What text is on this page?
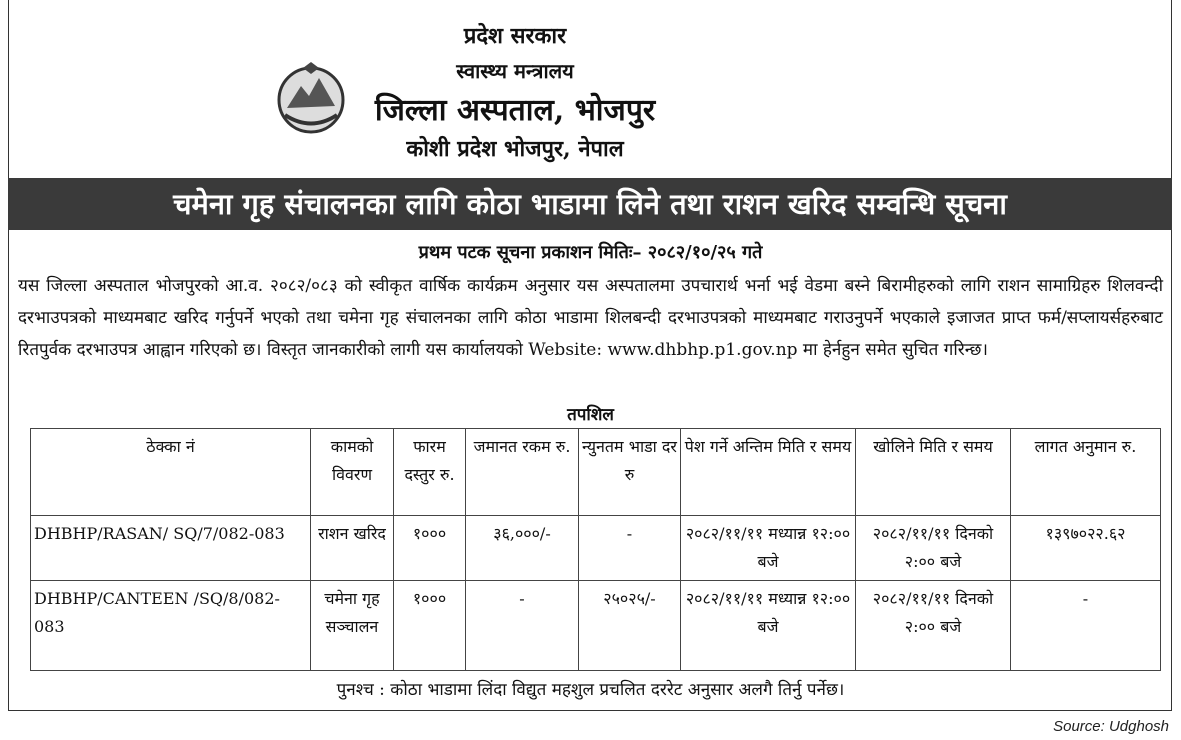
प्रदेश सरकार
स्वास्थ्य मन्त्रालय
जिल्ला अस्पताल, भोजपुर
कोशी प्रदेश भोजपुर, नेपाल
चमेना गृह संचालनका लागि कोठा भाडामा लिने तथा राशन खरिद सम्वन्धि सूचना
प्रथम पटक सूचना प्रकाशन मितिः– २०८२/१०/२५ गते
यस जिल्ला अस्पताल भोजपुरको आ.व. २०८२/०८३ को स्वीकृत वार्षिक कार्यक्रम अनुसार यस अस्पतालमा उपचारार्थ भर्ना भई वेडमा बस्ने बिरामीहरुको लागि राशन सामाग्रिहरु शिलवन्दी दरभाउपत्रको माध्यमबाट खरिद गर्नुपर्ने भएको तथा चमेना गृह संचालनका लागि कोठा भाडामा शिलबन्दी दरभाउपत्रको माध्यमबाट गराउनुपर्ने भएकाले इजाजत प्राप्त फर्म/सप्लायर्सहरुबाट रितपुर्वक दरभाउपत्र आह्वान गरिएको छ। विस्तृत जानकारीको लागी यस कार्यालयको Website: www.dhbhp.p1.gov.np मा हेर्नहुन समेत सुचित गरिन्छ।
तपशिल
ठेक्का नं	कामको विवरण	फारम दस्तुर रु.	जमानत रकम रु.	न्युनतम भाडा दर रु	पेश गर्ने अन्तिम मिति र समय	खोलिने मिति र समय	लागत अनुमान रु.
DHBHP/RASAN/ SQ/7/082-083	राशन खरिद	१०००	३६,०००/-	-	२०८२/११/११ मध्यान्न १२:०० बजे	२०८२/११/११ दिनको २:०० बजे	१३९७०२२.६२
DHBHP/CANTEEN /SQ/8/082-083	चमेना गृह सञ्चालन	१०००	-	२५०२५/-	२०८२/११/११ मध्यान्न १२:०० बजे	२०८२/११/११ दिनको २:०० बजे	-
पुनश्च : कोठा भाडामा लिंदा विद्युत महशुल प्रचलित दररेट अनुसार अलगै तिर्नु पर्नेछ।
Source: Udghosh
